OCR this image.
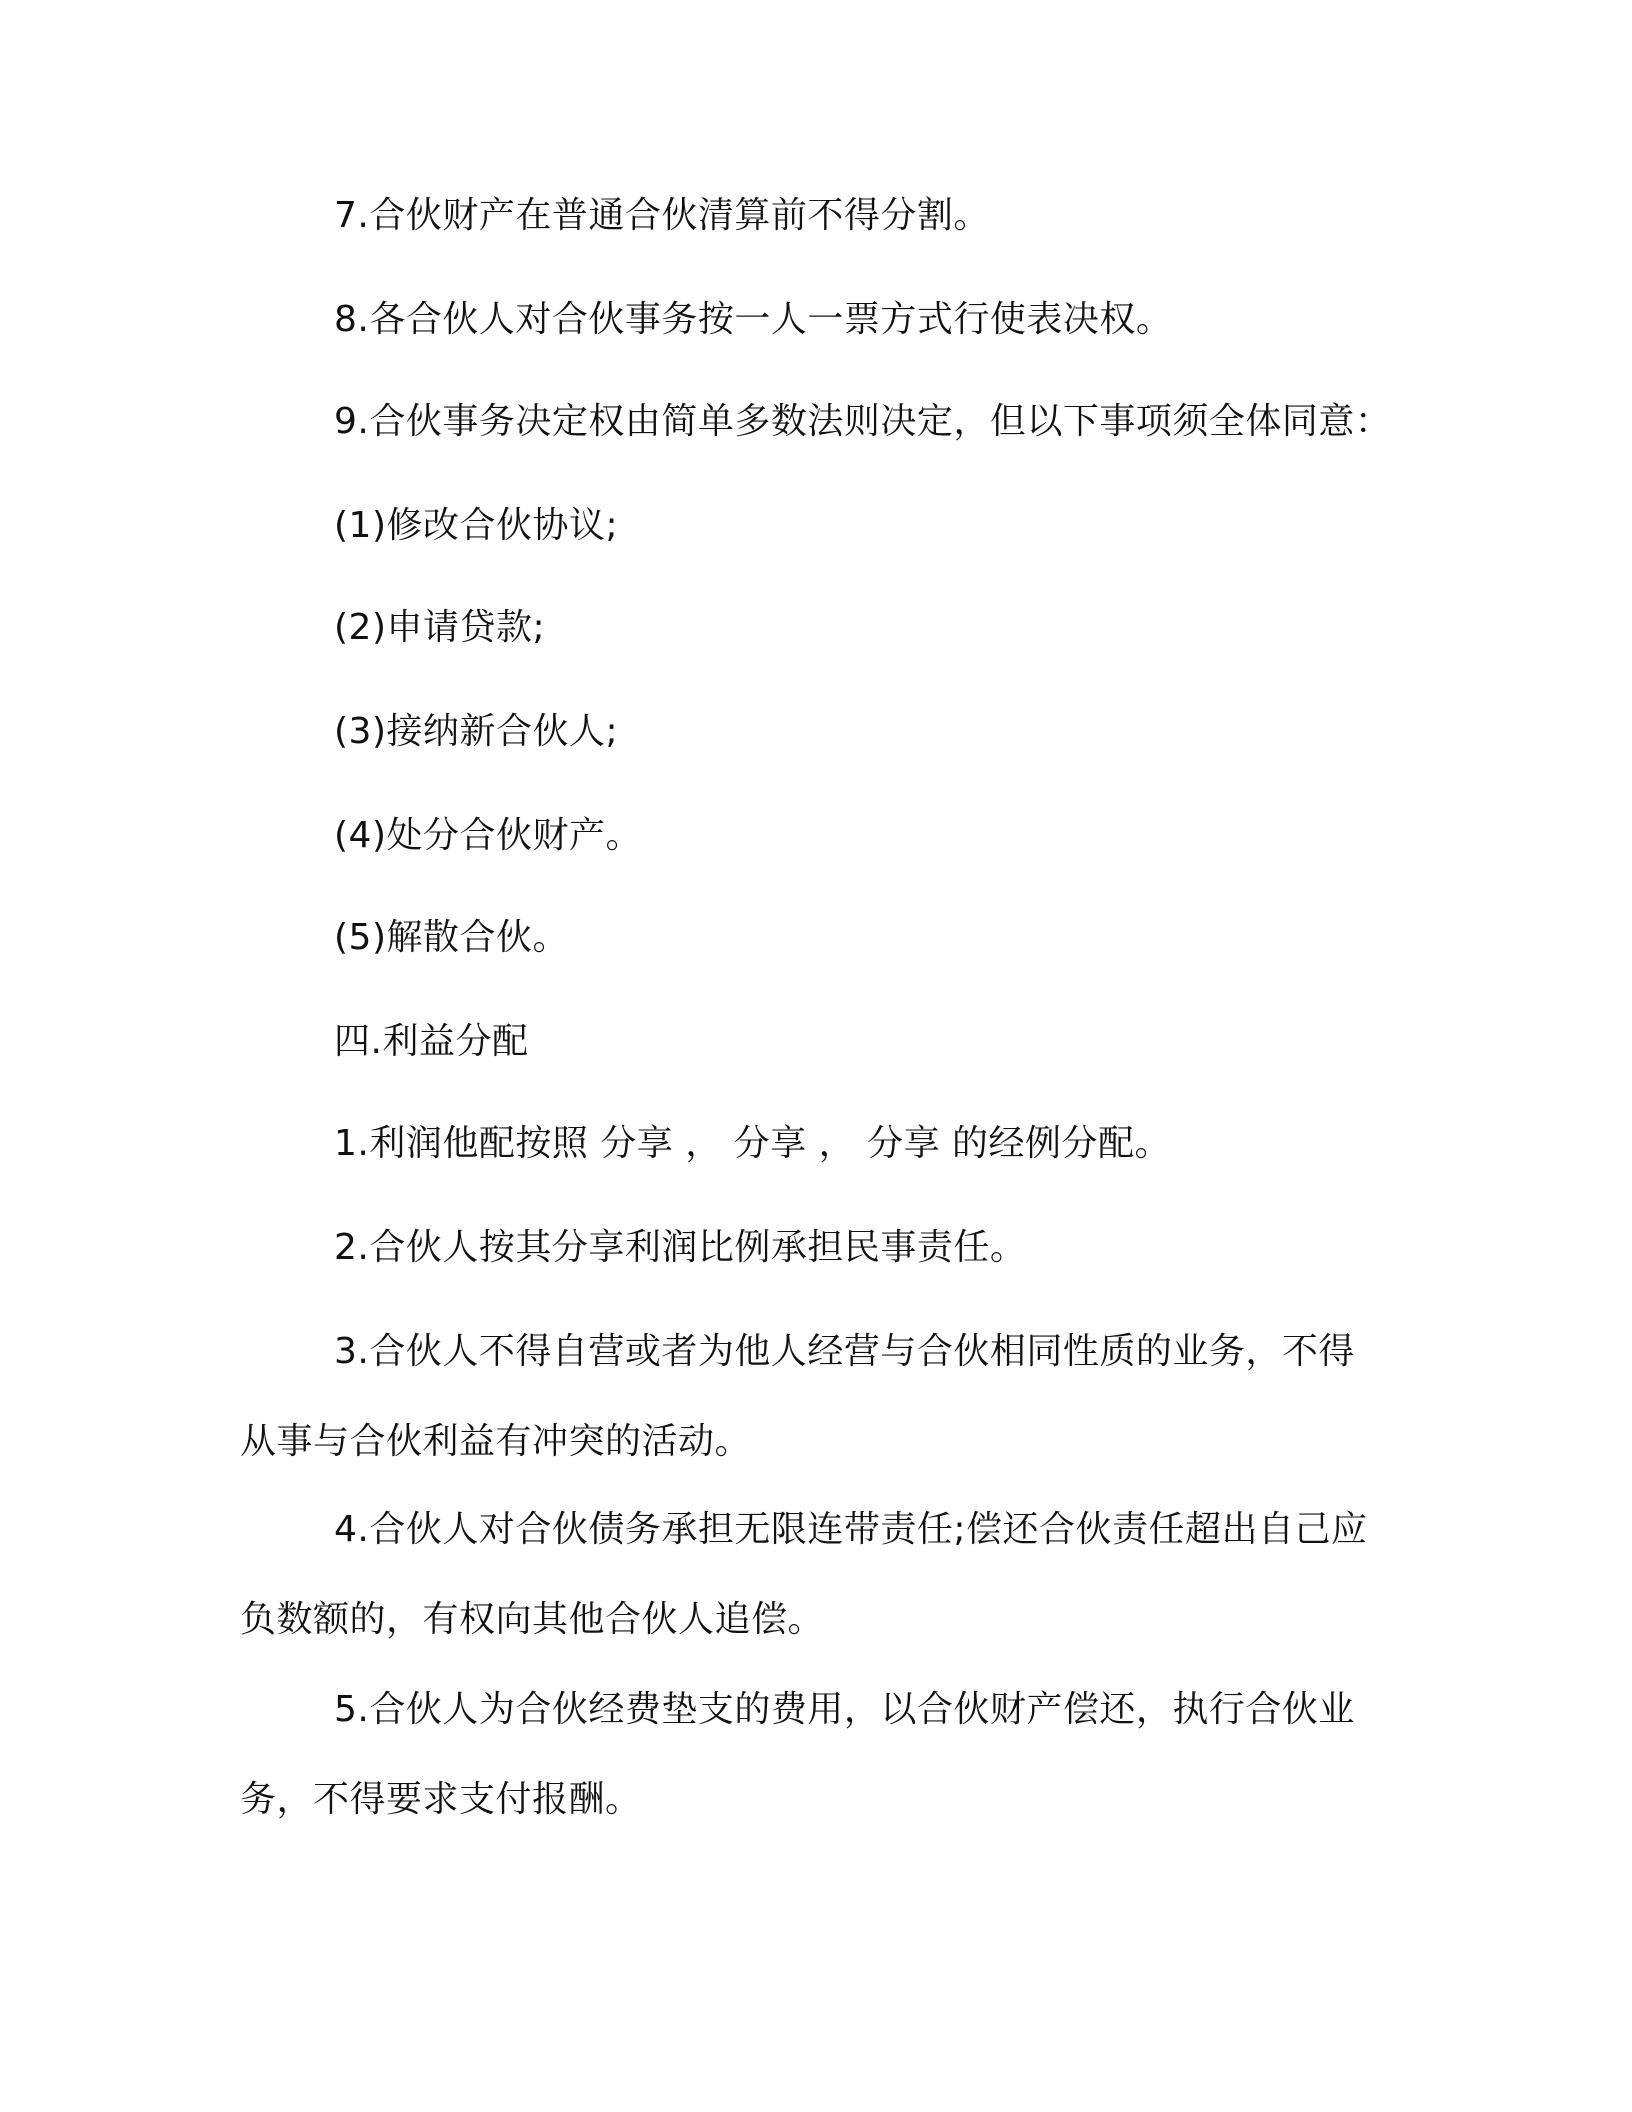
7.合伙财产在普通合伙清算前不得分割。

8.各合伙人对合伙事务按一人一票方式行使表决权。

9.合伙事务决定权由简单多数法则决定，但以下事项须全体同意：

(1)修改合伙协议;

(2)申请贷款;

(3)接纳新合伙人;

(4)处分合伙财产。

(5)解散合伙。

四.利益分配

1.利润他配按照 分享 ， 分享 ， 分享 的经例分配。

2.合伙人按其分享利润比例承担民事责任。

3.合伙人不得自营或者为他人经营与合伙相同性质的业务，不得
从事与合伙利益有冲突的活动。
4.合伙人对合伙债务承担无限连带责任;偿还合伙责任超出自己应
负数额的，有权向其他合伙人追偿。
5.合伙人为合伙经费垫支的费用，以合伙财产偿还，执行合伙业
务，不得要求支付报酬。
